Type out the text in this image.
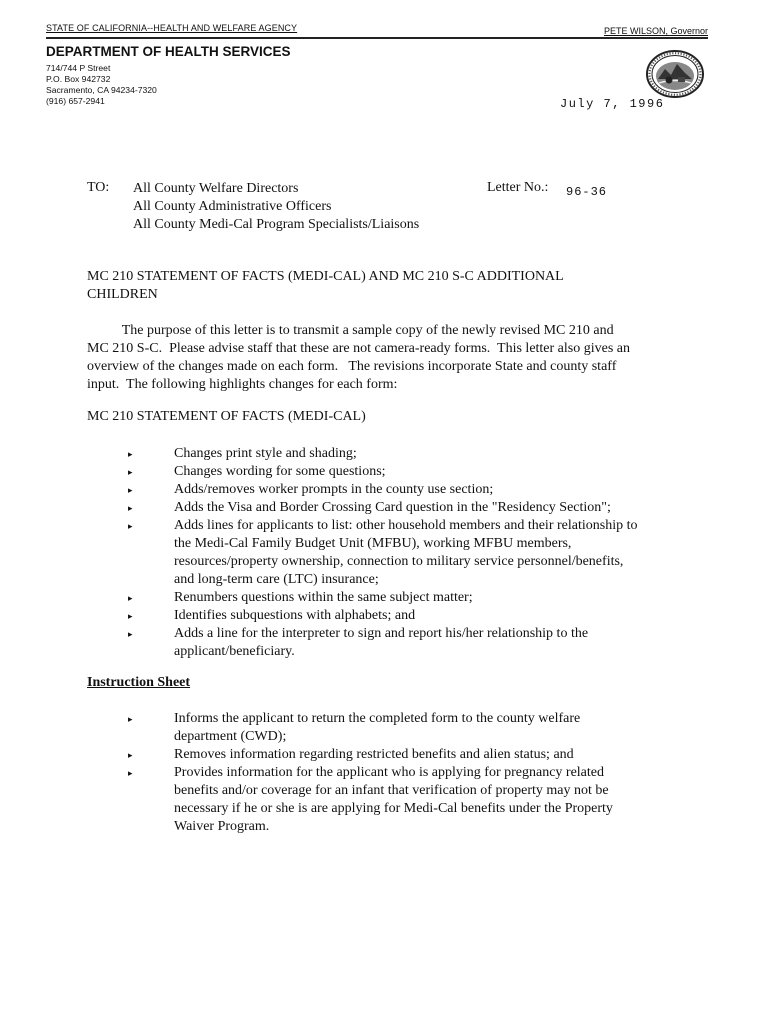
STATE OF CALIFORNIA--HEALTH AND WELFARE AGENCY	PETE WILSON, Governor
DEPARTMENT OF HEALTH SERVICES
714/744 P Street
P.O. Box 942732
Sacramento, CA 94234-7320
(916) 657-2941	July 7, 1996
TO: All County Welfare Directors
All County Administrative Officers
All County Medi-Cal Program Specialists/Liaisons
Letter No.: 96-36
MC 210 STATEMENT OF FACTS (MEDI-CAL) AND MC 210 S-C ADDITIONAL
CHILDREN
The purpose of this letter is to transmit a sample copy of the newly revised MC 210 and
MC 210 S-C.  Please advise staff that these are not camera-ready forms.  This letter also gives an
overview of the changes made on each form.   The revisions incorporate State and county staff
input.  The following highlights changes for each form:
MC 210 STATEMENT OF FACTS (MEDI-CAL)
▸	Changes print style and shading;
▸	Changes wording for some questions;
▸	Adds/removes worker prompts in the county use section;
▸	Adds the Visa and Border Crossing Card question in the "Residency Section";
▸	Adds lines for applicants to list: other household members and their relationship to
the Medi-Cal Family Budget Unit (MFBU), working MFBU members,
resources/property ownership, connection to military service personnel/benefits,
and long-term care (LTC) insurance;
▸	Renumbers questions within the same subject matter;
▸	Identifies subquestions with alphabets; and
▸	Adds a line for the interpreter to sign and report his/her relationship to the
applicant/beneficiary.
Instruction Sheet
▸	Informs the applicant to return the completed form to the county welfare
department (CWD);
▸	Removes information regarding restricted benefits and alien status; and
▸	Provides information for the applicant who is applying for pregnancy related
benefits and/or coverage for an infant that verification of property may not be
necessary if he or she is are applying for Medi-Cal benefits under the Property
Waiver Program.
